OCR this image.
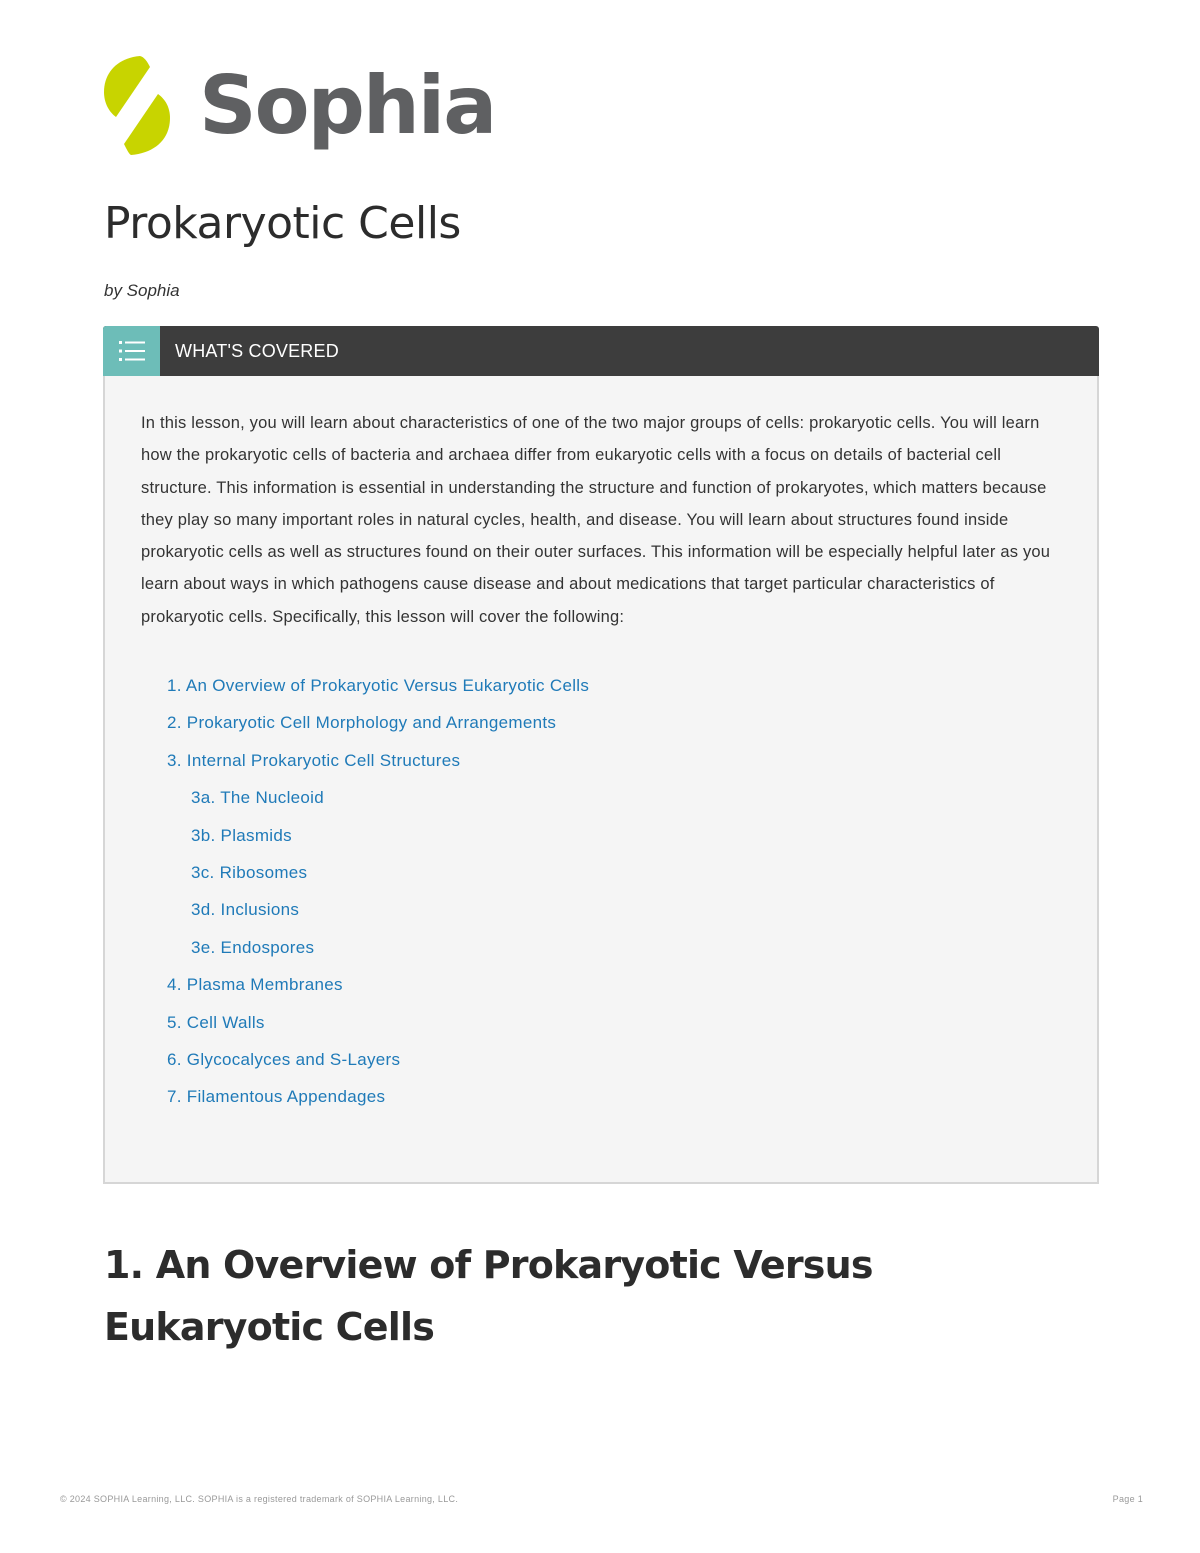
Sophia
Prokaryotic Cells
by Sophia
WHAT'S COVERED

In this lesson, you will learn about characteristics of one of the two major groups of cells: prokaryotic cells. You will learn how the prokaryotic cells of bacteria and archaea differ from eukaryotic cells with a focus on details of bacterial cell structure. This information is essential in understanding the structure and function of prokaryotes, which matters because they play so many important roles in natural cycles, health, and disease. You will learn about structures found inside prokaryotic cells as well as structures found on their outer surfaces. This information will be especially helpful later as you learn about ways in which pathogens cause disease and about medications that target particular characteristics of prokaryotic cells. Specifically, this lesson will cover the following:

1. An Overview of Prokaryotic Versus Eukaryotic Cells
2. Prokaryotic Cell Morphology and Arrangements
3. Internal Prokaryotic Cell Structures
3a. The Nucleoid
3b. Plasmids
3c. Ribosomes
3d. Inclusions
3e. Endospores
4. Plasma Membranes
5. Cell Walls
6. Glycocalyces and S-Layers
7. Filamentous Appendages
1. An Overview of Prokaryotic Versus Eukaryotic Cells
© 2024 SOPHIA Learning, LLC. SOPHIA is a registered trademark of SOPHIA Learning, LLC.	Page 1
